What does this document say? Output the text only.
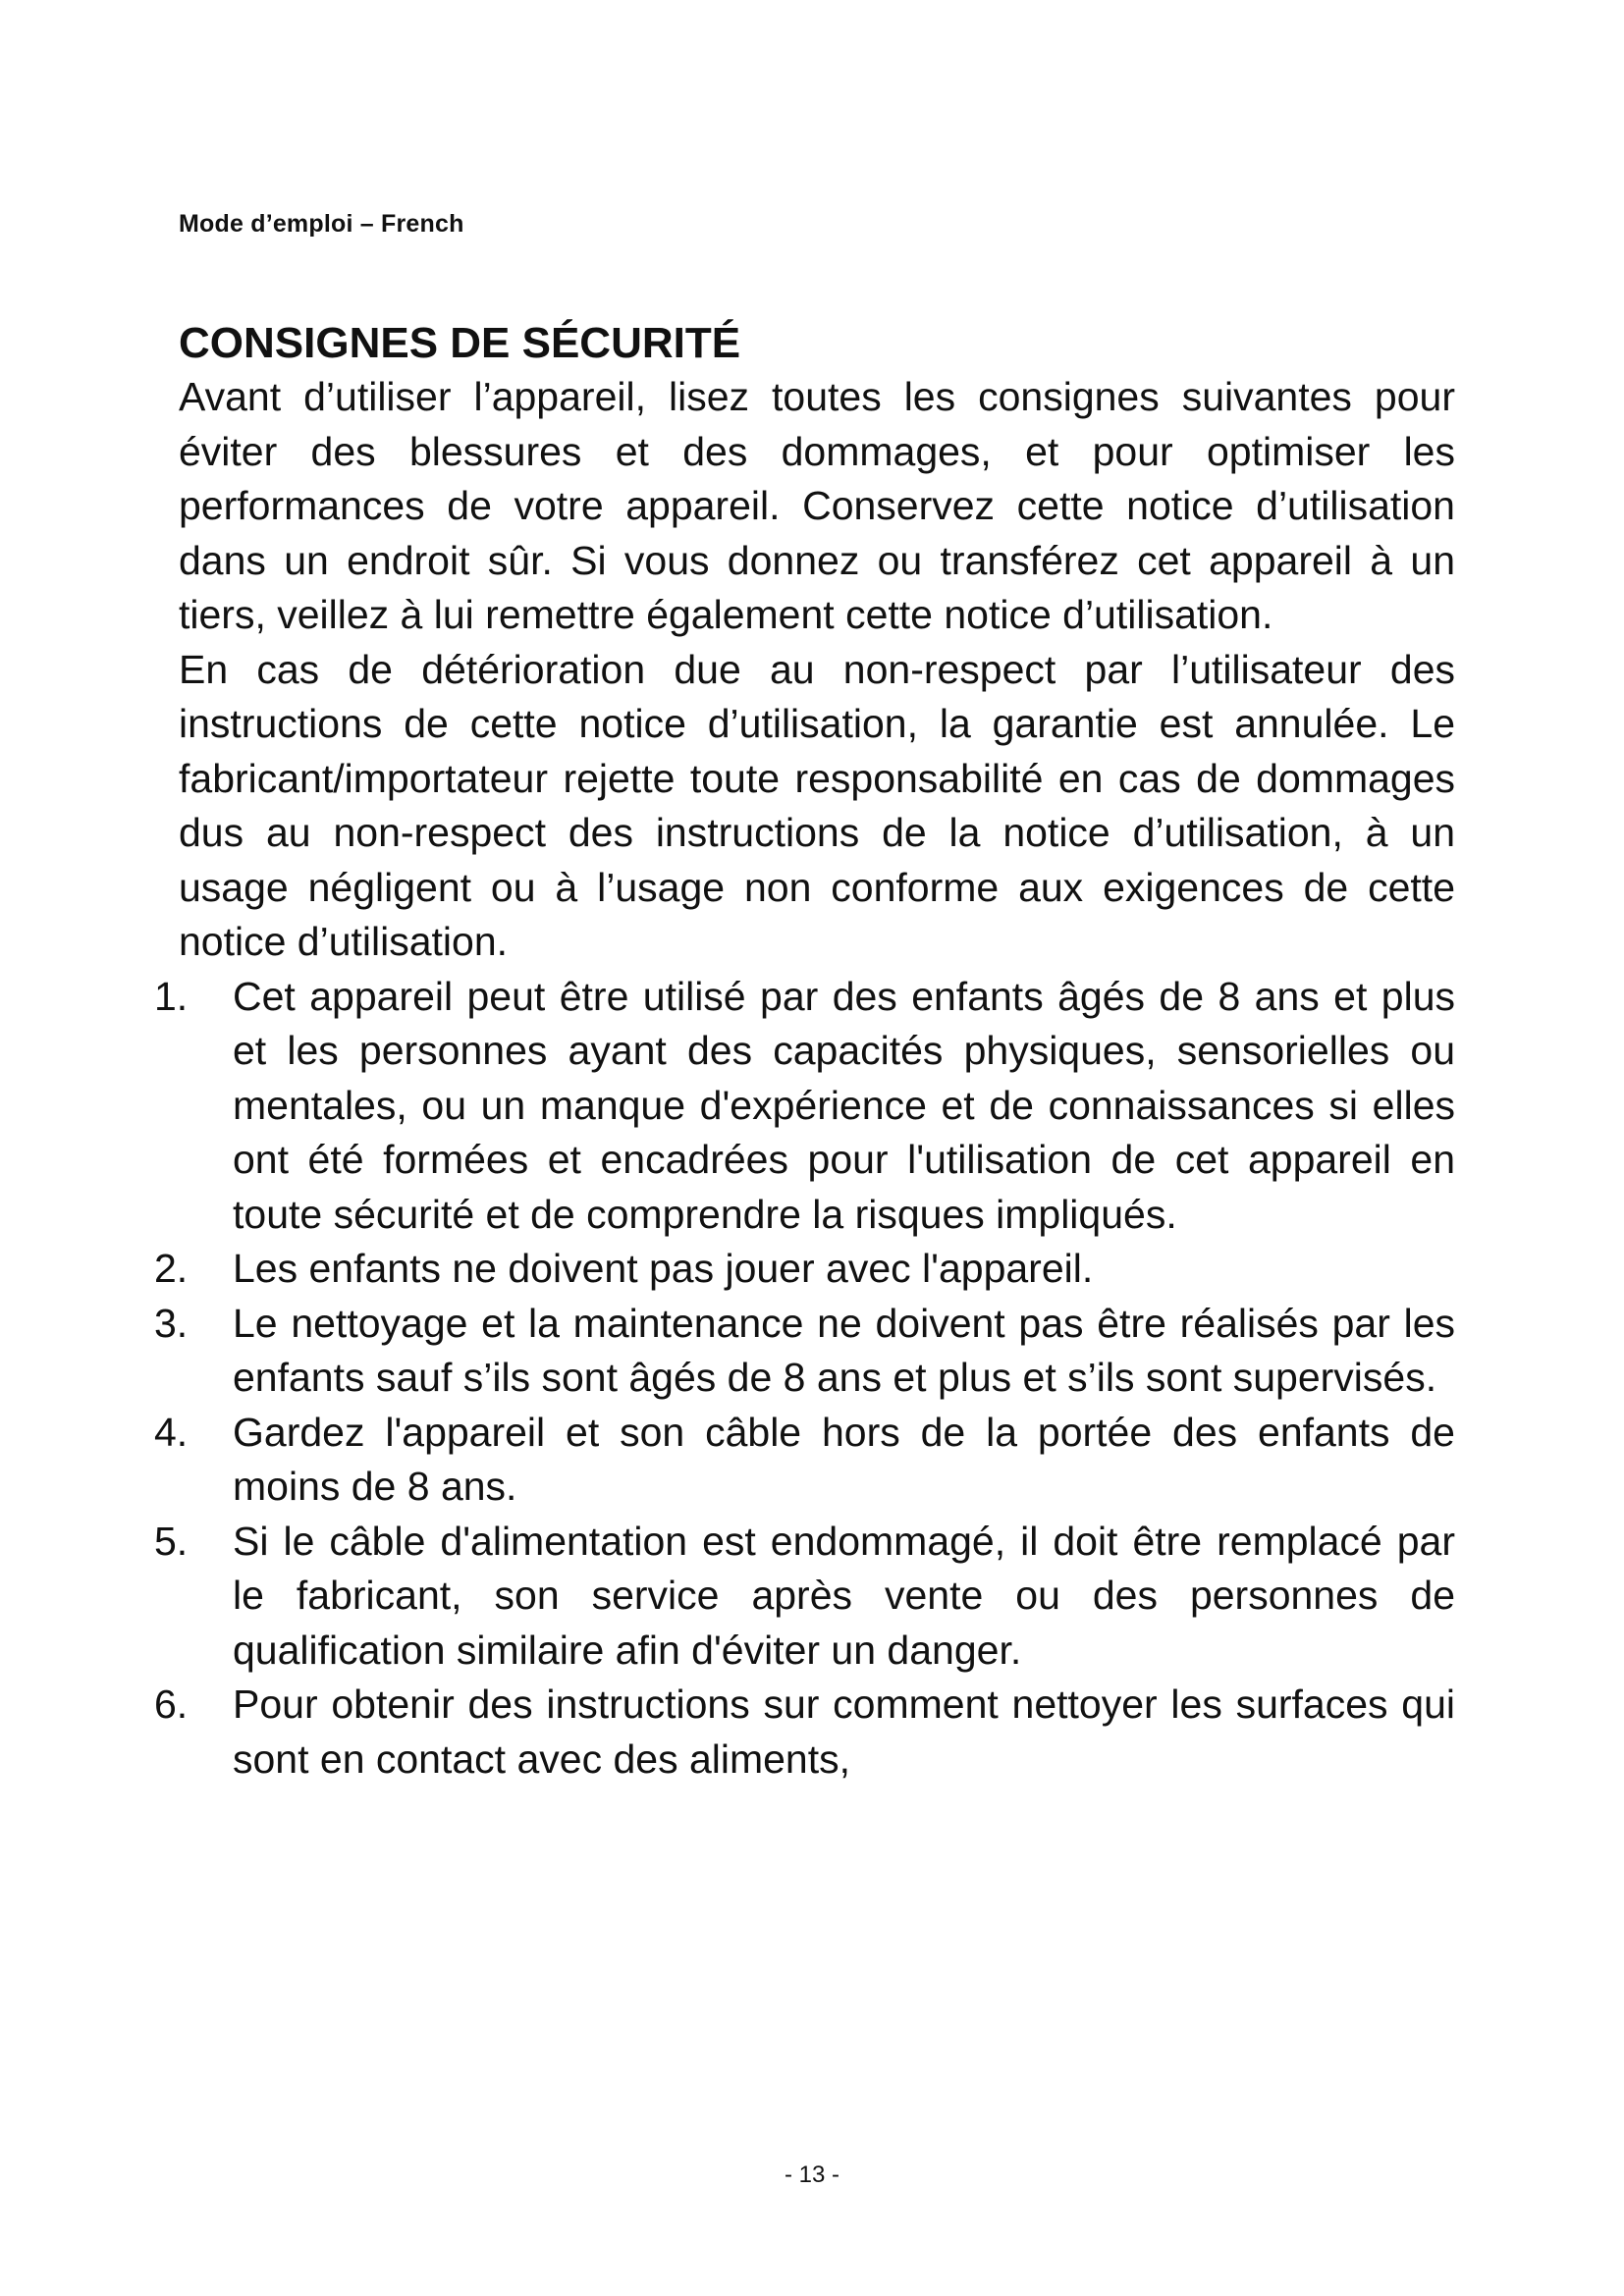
Mode d’emploi – French
CONSIGNES DE SÉCURITÉ

Avant d’utiliser l’appareil, lisez toutes les consignes suivantes pour éviter des blessures et des dommages, et pour optimiser les performances de votre appareil. Conservez cette notice d’utilisation dans un endroit sûr. Si vous donnez ou transférez cet appareil à un tiers, veillez à lui remettre également cette notice d’utilisation.

En cas de détérioration due au non-respect par l’utilisateur des instructions de cette notice d’utilisation, la garantie est annulée. Le fabricant/importateur rejette toute responsabilité en cas de dommages dus au non-respect des instructions de la notice d’utilisation, à un usage négligent ou à l’usage non conforme aux exigences de cette notice d’utilisation.

1.	Cet appareil peut être utilisé par des enfants âgés de 8 ans et plus et les personnes ayant des capacités physiques, sensorielles ou mentales, ou un manque d'expérience et de connaissances si elles ont été formées et encadrées pour l'utilisation de cet appareil en toute sécurité et de comprendre la risques impliqués.
2.	Les enfants ne doivent pas jouer avec l'appareil.
3.	Le nettoyage et la maintenance ne doivent pas être réalisés par les enfants sauf s’ils sont âgés de 8 ans et plus et s’ils sont supervisés.
4.	Gardez l'appareil et son câble hors de la portée des enfants de moins de 8 ans.
5.	Si le câble d'alimentation est endommagé, il doit être remplacé par le fabricant, son service après vente ou des personnes de qualification similaire afin d'éviter un danger.
6.	Pour obtenir des instructions sur comment nettoyer les surfaces qui sont en contact avec des aliments,
- 13 -
